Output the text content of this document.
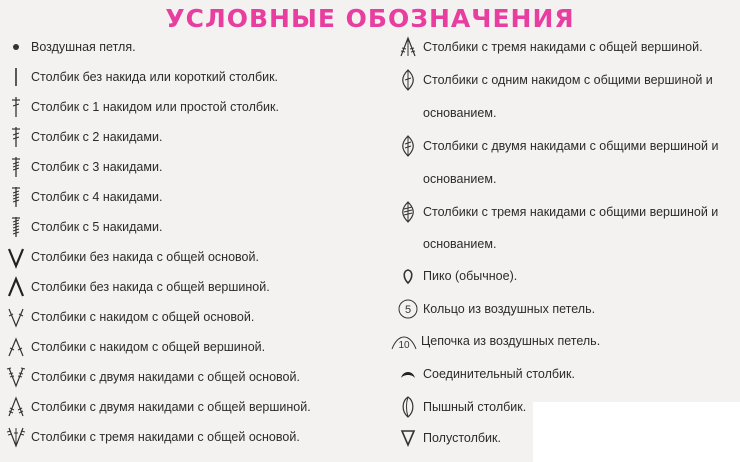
УСЛОВНЫЕ ОБОЗНАЧЕНИЯ
Воздушная петля.
Столбик без накида или короткий столбик.
Столбик с 1 накидом или простой столбик.
Столбик с 2 накидами.
Столбик с 3 накидами.
Столбик с 4 накидами.
Столбик с 5 накидами.
Столбики без накида с общей основой.
Столбики без накида с общей вершиной.
Столбики с накидом с общей основой.
Столбики с накидом с общей вершиной.
Столбики с двумя накидами с общей основой.
Столбики с двумя накидами с общей вершиной.
Столбики с тремя накидами с общей основой.
Столбики с тремя накидами с общей вершиной.
Столбики с одним накидом с общими вершиной и
основанием.
Столбики с двумя накидами с общими вершиной и
основанием.
Столбики с тремя накидами с общими вершиной и
основанием.
Пико (обычное).
5 Кольцо из воздушных петель.
10 Цепочка из воздушных петель.
Соединительный столбик.
Пышный столбик.
Полустолбик.
